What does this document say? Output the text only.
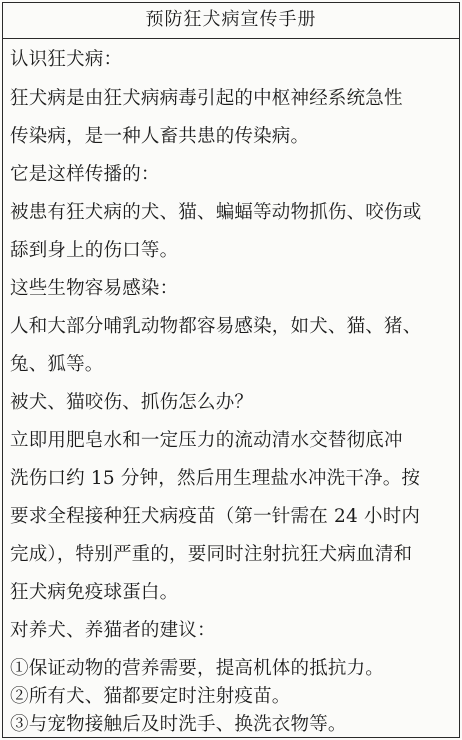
预防狂犬病宣传手册
认识狂犬病：
狂犬病是由狂犬病病毒引起的中枢神经系统急性
传染病，是一种人畜共患的传染病。
它是这样传播的：
被患有狂犬病的犬、猫、蝙蝠等动物抓伤、咬伤或
舔到身上的伤口等。
这些生物容易感染：
人和大部分哺乳动物都容易感染，如犬、猫、猪、
兔、狐等。
被犬、猫咬伤、抓伤怎么办？
立即用肥皂水和一定压力的流动清水交替彻底冲
洗伤口约 15 分钟，然后用生理盐水冲洗干净。按
要求全程接种狂犬病疫苗（第一针需在 24 小时内
完成），特别严重的，要同时注射抗狂犬病血清和
狂犬病免疫球蛋白。
对养犬、养猫者的建议：
①保证动物的营养需要，提高机体的抵抗力。
②所有犬、猫都要定时注射疫苗。
③与宠物接触后及时洗手、换洗衣物等。
